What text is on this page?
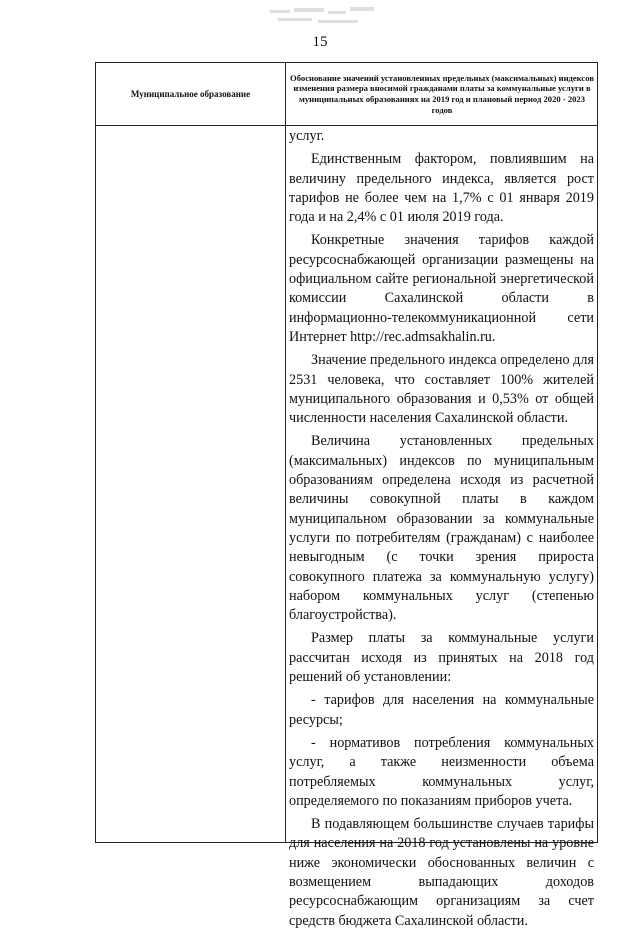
15
Муниципальное образование
Обоснование значений установленных предельных (максимальных) индексов изменения размера вносимой гражданами платы за коммунальные услуги в муниципальных образованиях на 2019 год и плановый период 2020 - 2023 годов

услуг.

Единственным фактором, повлиявшим на величину предельного индекса, является рост тарифов не более чем на 1,7% с 01 января 2019 года и на 2,4% с 01 июля 2019 года.

Конкретные значения тарифов каждой ресурсоснабжающей организации размещены на официальном сайте региональной энергетической комиссии Сахалинской области в информационно-телекоммуникационной сети Интернет http://rec.admsakhalin.ru.

Значение предельного индекса определено для 2531 человека, что составляет 100% жителей муниципального образования и 0,53% от общей численности населения Сахалинской области.

Величина установленных предельных (максимальных) индексов по муниципальным образованиям определена исходя из расчетной величины совокупной платы в каждом муниципальном образовании за коммунальные услуги по потребителям (гражданам) с наиболее невыгодным (с точки зрения прироста совокупного платежа за коммунальную услугу) набором коммунальных услуг (степенью благоустройства).

Размер платы за коммунальные услуги рассчитан исходя из принятых на 2018 год решений об установлении:

- тарифов для населения на коммунальные ресурсы;

- нормативов потребления коммунальных услуг, а также неизменности объема потребляемых коммунальных услуг, определяемого по показаниям приборов учета.

В подавляющем большинстве случаев тарифы для населения на 2018 год установлены на уровне ниже экономически обоснованных величин с возмещением выпадающих доходов ресурсоснабжающим организациям за счет средств бюджета Сахалинской области.
